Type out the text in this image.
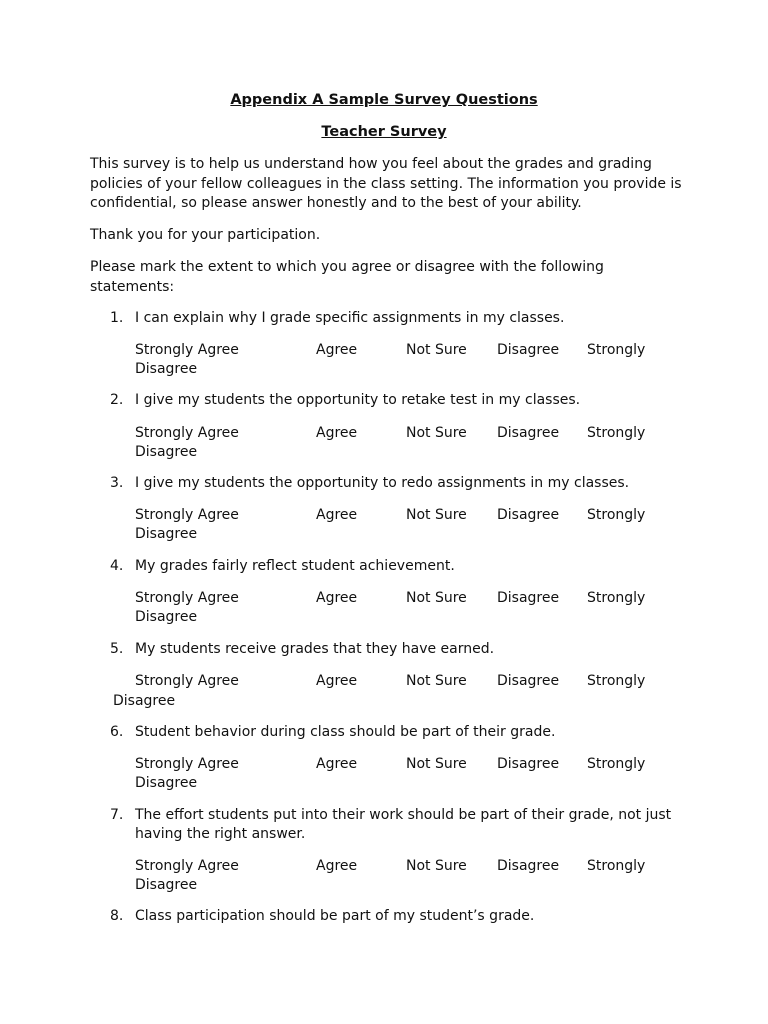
Appendix A Sample Survey Questions
Teacher Survey

This survey is to help us understand how you feel about the grades and grading policies of your fellow colleagues in the class setting. The information you provide is confidential, so please answer honestly and to the best of your ability.

Thank you for your participation.

Please mark the extent to which you agree or disagree with the following statements:

1. I can explain why I grade specific assignments in my classes.
Strongly Agree	Agree	Not Sure Disagree Strongly
Disagree
2. I give my students the opportunity to retake test in my classes.
Strongly Agree	Agree	Not Sure Disagree Strongly
Disagree
3. I give my students the opportunity to redo assignments in my classes.
Strongly Agree	Agree	Not Sure Disagree Strongly
Disagree
4. My grades fairly reflect student achievement.
Strongly Agree	Agree	Not Sure Disagree Strongly
Disagree
5. My students receive grades that they have earned.
Strongly Agree	Agree	Not Sure Disagree Strongly
Disagree
6. Student behavior during class should be part of their grade.
Strongly Agree	Agree	Not Sure Disagree Strongly
Disagree
7. The effort students put into their work should be part of their grade, not just having the right answer.
Strongly Agree	Agree	Not Sure Disagree Strongly
Disagree
8. Class participation should be part of my student’s grade.
